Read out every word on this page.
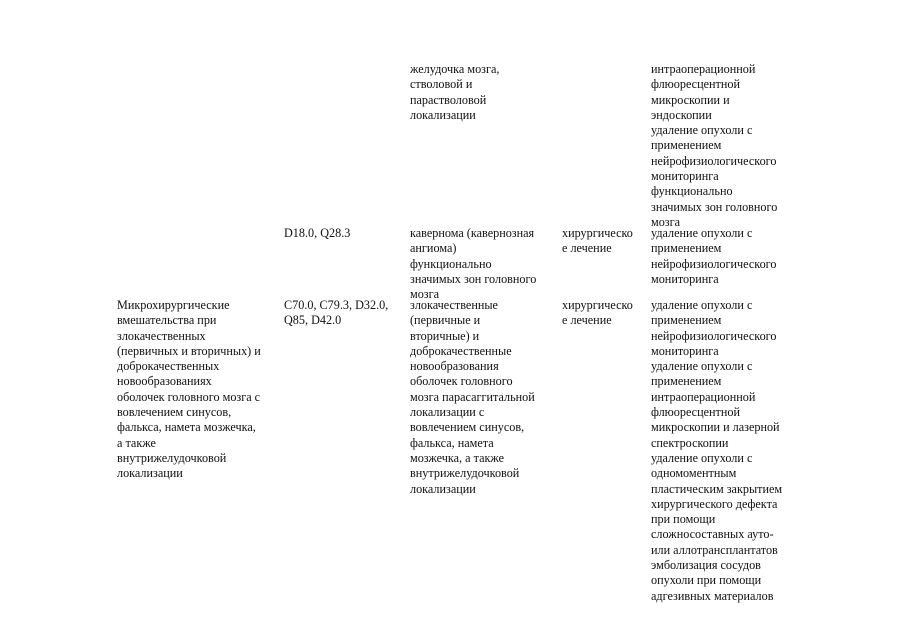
желудочка мозга,
стволовой и
парастволовой
локализации

интраоперационной
флюоресцентной
микроскопии и
эндоскопии
удаление опухоли с
применением
нейрофизиологического
мониторинга
функционально
значимых зон головного
мозга

D18.0, Q28.3	кавернома (кавернозная
ангиома)
функционально
значимых зон головного
мозга

хирургическо
е лечение

удаление опухоли с
применением
нейрофизиологического
мониторинга

Микрохирургические
вмешательства при
злокачественных
(первичных и вторичных) и
доброкачественных
новообразованиях
оболочек головного мозга с
вовлечением синусов,
фалькса, намета мозжечка,
а также
внутрижелудочковой
локализации

C70.0, C79.3, D32.0,
Q85, D42.0

злокачественные
(первичные и
вторичные) и
доброкачественные
новообразования
оболочек головного
мозга парасаггитальной
локализации с
вовлечением синусов,
фалькса, намета
мозжечка, а также
внутрижелудочковой
локализации

хирургическо
е лечение

удаление опухоли с
применением
нейрофизиологического
мониторинга
удаление опухоли с
применением
интраоперационной
флюоресцентной
микроскопии и лазерной
спектроскопии
удаление опухоли с
одномоментным
пластическим закрытием
хирургического дефекта
при помощи
сложносоставных ауто-
или аллотрансплантатов
эмболизация сосудов
опухоли при помощи
адгезивных материалов
